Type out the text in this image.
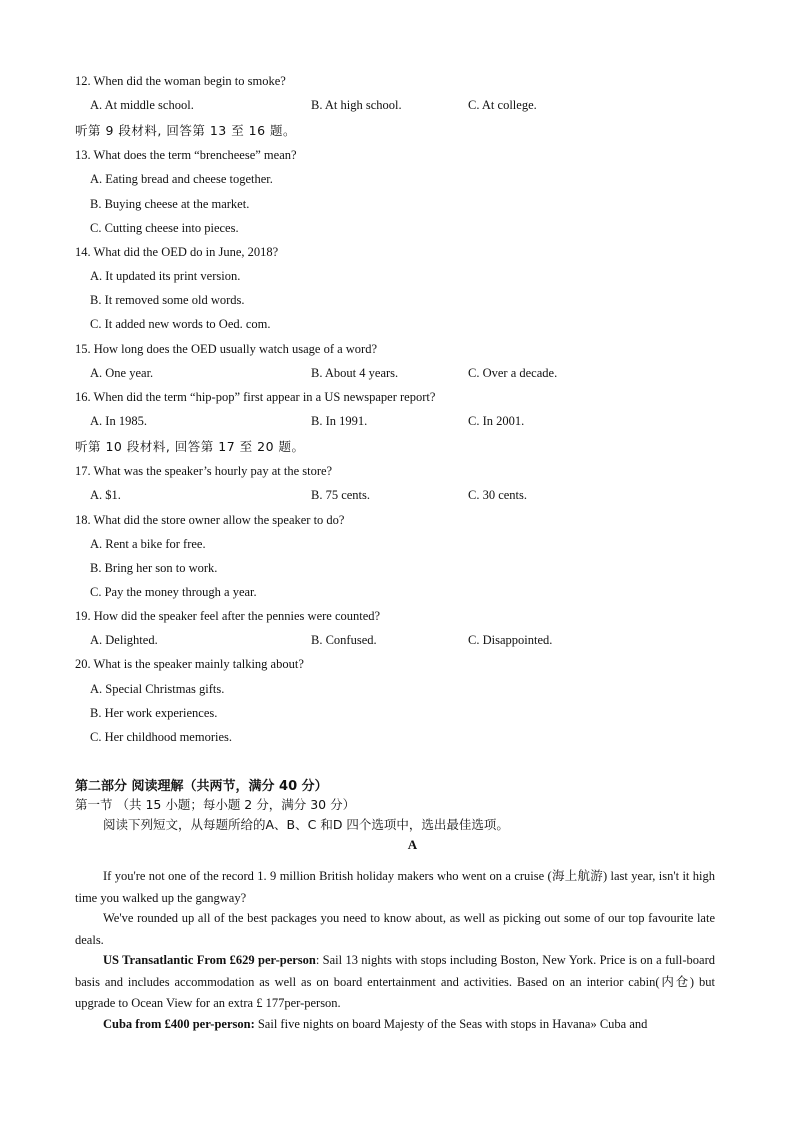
12. When did the woman begin to smoke?
A. At middle school.	B. At high school.	C. At college.
听第 9 段材料, 回答第 13 至 16 题。
13. What does the term “brencheese” mean?
A. Eating bread and cheese together.
B. Buying cheese at the market.
C. Cutting cheese into pieces.
14. What did the OED do in June, 2018?
A. It updated its print version.
B. It removed some old words.
C. It added new words to Oed. com.
15. How long does the OED usually watch usage of a word?
A. One year.	B. About 4 years.	C. Over a decade.
16. When did the term “hip-pop” first appear in a US newspaper report?
A. In 1985.	B. In 1991.	C. In 2001.
听第 10 段材料, 回答第 17 至 20 题。
17. What was the speaker’s hourly pay at the store?
A. $1.	B. 75 cents.	C. 30 cents.
18. What did the store owner allow the speaker to do?
A. Rent a bike for free.
B. Bring her son to work.
C. Pay the money through a year.
19. How did the speaker feel after the pennies were counted?
A. Delighted.	B. Confused.	C. Disappointed.
20. What is the speaker mainly talking about?
A. Special Christmas gifts.
B. Her work experiences.
C. Her childhood memories.
第二部分 阅读理解（共两节，满分 40 分）
第一节 （共 15 小题；每小题 2 分，满分 30 分）
阅读下列短文，从每题所给的A、B、C 和D 四个选项中，选出最佳选项。
A
If you're not one of the record 1. 9 million British holiday makers who went on a cruise (海上航游) last year, isn't it high time you walked up the gangway?
We've rounded up all of the best packages you need to know about, as well as picking out some of our top favourite late deals.
US Transatlantic From £629 per-person: Sail 13 nights with stops including Boston, New York. Price is on a full-board basis and includes accommodation as well as on board entertainment and activities. Based on an interior cabin(内仓) but upgrade to Ocean View for an extra £ 177per-person.
Cuba from £400 per-person: Sail five nights on board Majesty of the Seas with stops in Havana» Cuba and
